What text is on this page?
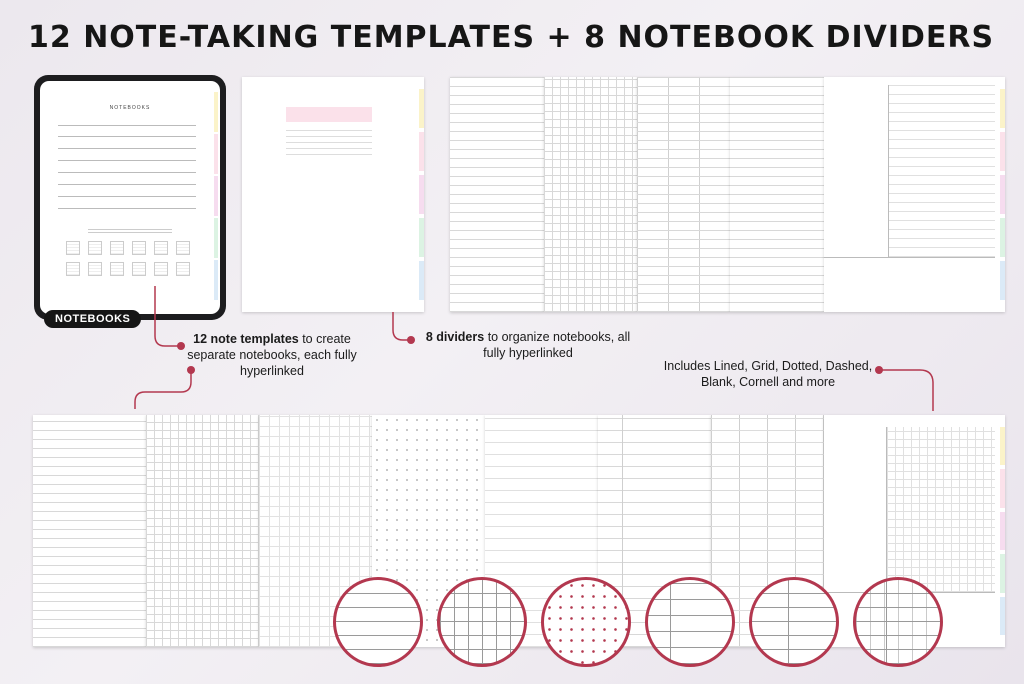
12 NOTE-TAKING TEMPLATES + 8 NOTEBOOK DIVIDERS
NOTEBOOKS
NOTEBOOKS
12 note templates to create separate notebooks, each fully hyperlinked
8 dividers to organize notebooks, all fully hyperlinked
Includes Lined, Grid, Dotted, Dashed, Blank, Cornell and more
